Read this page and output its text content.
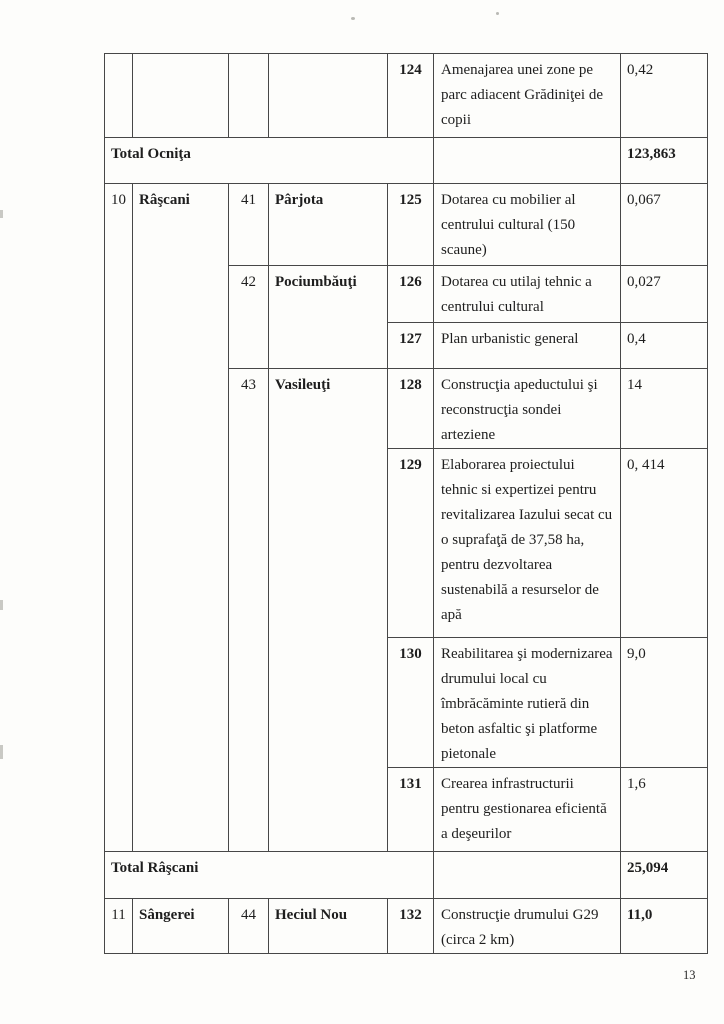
				124	Amenajarea unei zone pe parc adiacent Grădiniţei de copii	0,42
Total Ocniţa						123,863
10	Râşcani	41	Pârjota	125	Dotarea cu mobilier al centrului cultural (150 scaune)	0,067
		42	Pociumbăuţi	126	Dotarea cu utilaj tehnic a centrului cultural	0,027
				127	Plan urbanistic general	0,4
		43	Vasileuţi	128	Construcţia apeductului şi reconstrucţia sondei arteziene	14
				129	Elaborarea proiectului tehnic si expertizei pentru revitalizarea Iazului secat cu o suprafaţă de 37,58 ha, pentru dezvoltarea sustenabilă a resurselor de apă	0, 414
				130	Reabilitarea şi modernizarea drumului local cu îmbrăcăminte rutieră din beton asfaltic şi platforme pietonale	9,0
				131	Crearea infrastructurii pentru gestionarea eficientă a deşeurilor	1,6
Total Râşcani						25,094
11	Sângerei	44	Heciul Nou	132	Construcţie drumului G29 (circa 2 km)	11,0
13
